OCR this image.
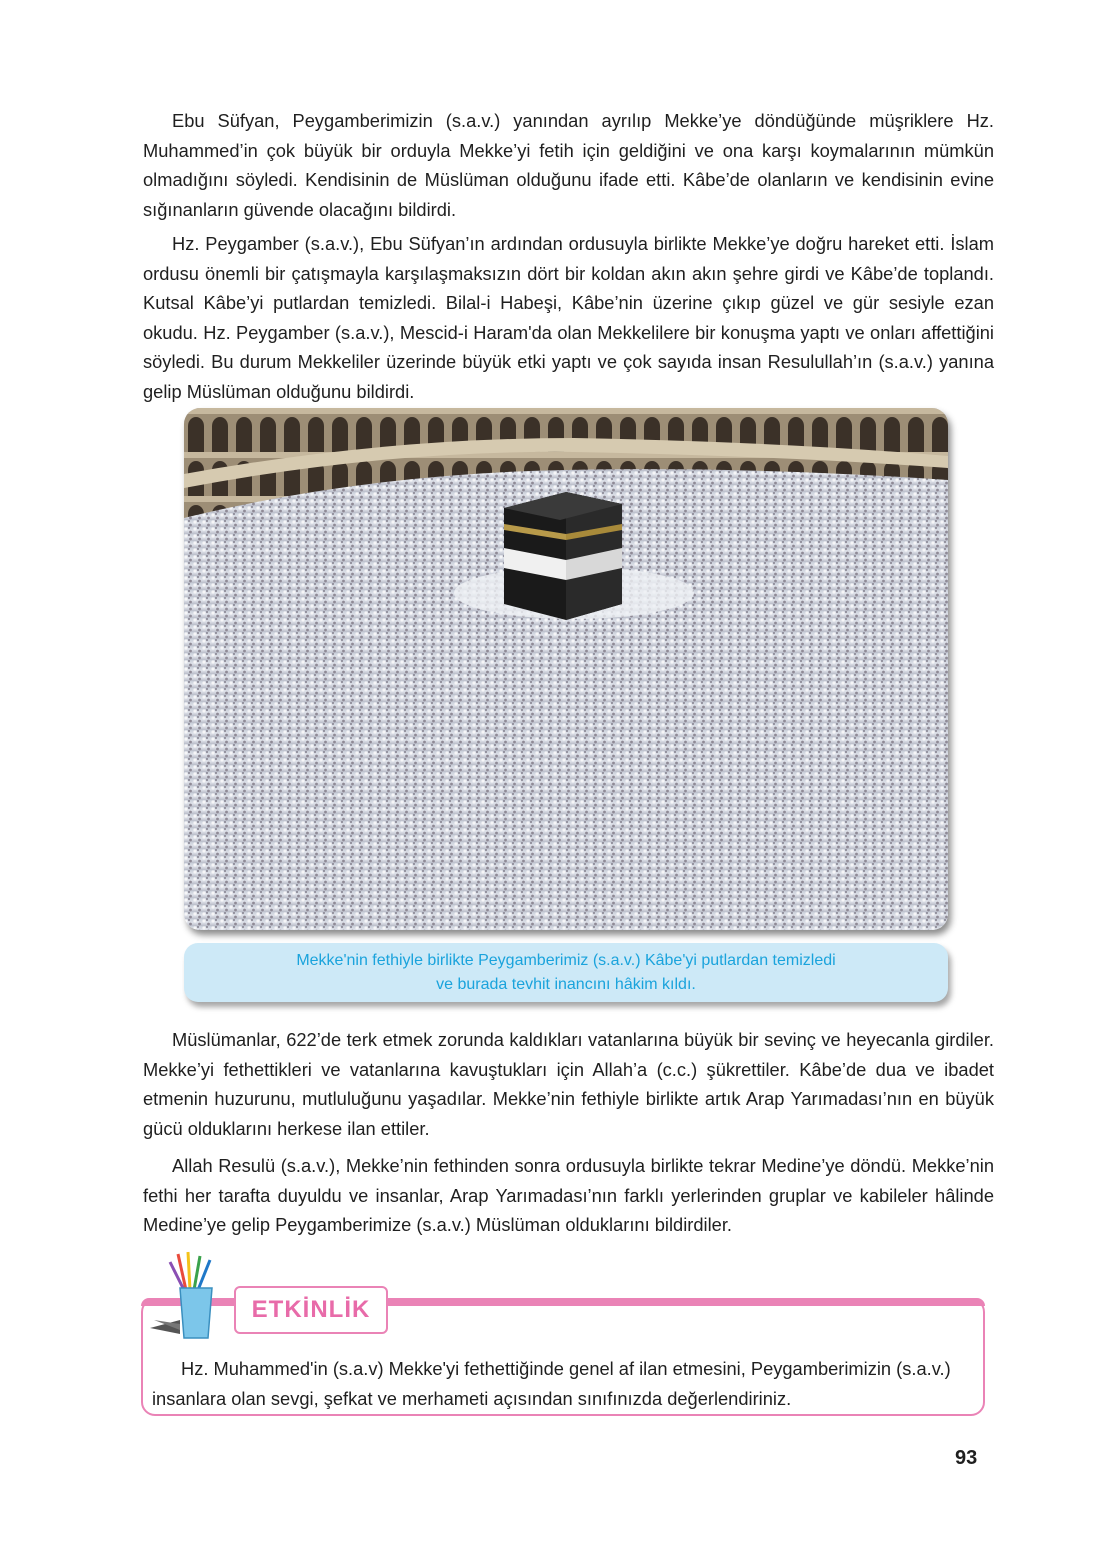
Ebu Süfyan, Peygamberimizin (s.a.v.) yanından ayrılıp Mekke’ye döndüğünde müşriklere Hz. Muhammed’in çok büyük bir orduyla Mekke’yi fetih için geldiğini ve ona karşı koymalarının mümkün olmadığını söyledi. Kendisinin de Müslüman olduğunu ifade etti. Kâbe’de olanların ve kendisinin evine sığınanların güvende olacağını bildirdi.

Hz. Peygamber (s.a.v.), Ebu Süfyan’ın ardından ordusuyla birlikte Mekke’ye doğru hareket etti. İslam ordusu önemli bir çatışmayla karşılaşmaksızın dört bir koldan akın akın şehre girdi ve Kâbe’de toplandı. Kutsal Kâbe’yi putlardan temizledi. Bilal-i Habeşi, Kâbe’nin üzerine çıkıp güzel ve gür sesiyle ezan okudu. Hz. Peygamber (s.a.v.), Mescid-i Haram'da olan Mekkelilere bir konuşma yaptı ve onları affettiğini söyledi. Bu durum Mekkeliler üzerinde büyük etki yaptı ve çok sayıda insan Resulullah’ın (s.a.v.) yanına gelip Müslüman olduğunu bildirdi.

Mekke'nin fethiyle birlikte Peygamberimiz (s.a.v.) Kâbe'yi putlardan temizledi
ve burada tevhit inancını hâkim kıldı.

Müslümanlar, 622’de terk etmek zorunda kaldıkları vatanlarına büyük bir sevinç ve heyecanla girdiler. Mekke’yi fethettikleri ve vatanlarına kavuştukları için Allah’a (c.c.) şükrettiler. Kâbe’de dua ve ibadet etmenin huzurunu, mutluluğunu yaşadılar. Mekke’nin fethiyle birlikte artık Arap Yarımadası’nın en büyük gücü olduklarını herkese ilan ettiler.

Allah Resulü (s.a.v.), Mekke’nin fethinden sonra ordusuyla birlikte tekrar Medine’ye döndü. Mekke’nin fethi her tarafta duyuldu ve insanlar, Arap Yarımadası’nın farklı yerlerinden gruplar ve kabileler hâlinde Medine’ye gelip Peygamberimize (s.a.v.) Müslüman olduklarını bildirdiler.

ETKİNLİK

Hz. Muhammed'in (s.a.v) Mekke'yi fethettiğinde genel af ilan etmesini, Peygamberimizin (s.a.v.) insanlara olan sevgi, şefkat ve merhameti açısından sınıfınızda değerlendiriniz.

93
